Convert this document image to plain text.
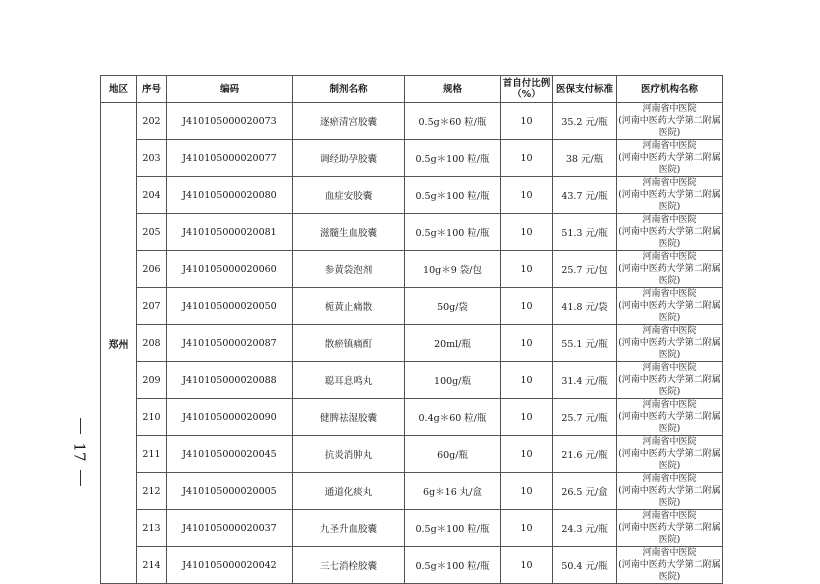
17
地区	序号	编码	制剂名称	规格	首自付比例（%）	医保支付标准	医疗机构名称
郑州	202	J410105000020073	逐瘀清宫胶囊	0.5g＊60 粒/瓶	10	35.2 元/瓶	河南省中医院
(河南中医药大学第二附属医院)

	203	J410105000020077	调经助孕胶囊	0.5g＊100 粒/瓶	10	38 元/瓶	河南省中医院
(河南中医药大学第二附属医院)

	204	J410105000020080	血症安胶囊	0.5g＊100 粒/瓶	10	43.7 元/瓶	河南省中医院
(河南中医药大学第二附属医院)

	205	J410105000020081	滋髓生血胶囊	0.5g＊100 粒/瓶	10	51.3 元/瓶	河南省中医院
(河南中医药大学第二附属医院)

	206	J410105000020060	参黄袋泡剂	10g＊9 袋/包	10	25.7 元/包	河南省中医院
(河南中医药大学第二附属医院)

	207	J410105000020050	栀黄止痛散	50g/袋	10	41.8 元/袋	河南省中医院
(河南中医药大学第二附属医院)

	208	J410105000020087	散瘀镇痛酊	20ml/瓶	10	55.1 元/瓶	河南省中医院
(河南中医药大学第二附属医院)

	209	J410105000020088	聪耳息鸣丸	100g/瓶	10	31.4 元/瓶	河南省中医院
(河南中医药大学第二附属医院)

	210	J410105000020090	健脾祛湿胶囊	0.4g＊60 粒/瓶	10	25.7 元/瓶	河南省中医院
(河南中医药大学第二附属医院)

	211	J410105000020045	抗炎消肿丸	60g/瓶	10	21.6 元/瓶	河南省中医院
(河南中医药大学第二附属医院)

	212	J410105000020005	通道化痰丸	6g＊16 丸/盒	10	26.5 元/盒	河南省中医院
(河南中医药大学第二附属医院)

	213	J410105000020037	九圣升血胶囊	0.5g＊100 粒/瓶	10	24.3 元/瓶	河南省中医院
(河南中医药大学第二附属医院)

	214	J410105000020042	三七消栓胶囊	0.5g＊100 粒/瓶	10	50.4 元/瓶	河南省中医院
(河南中医药大学第二附属医院)
